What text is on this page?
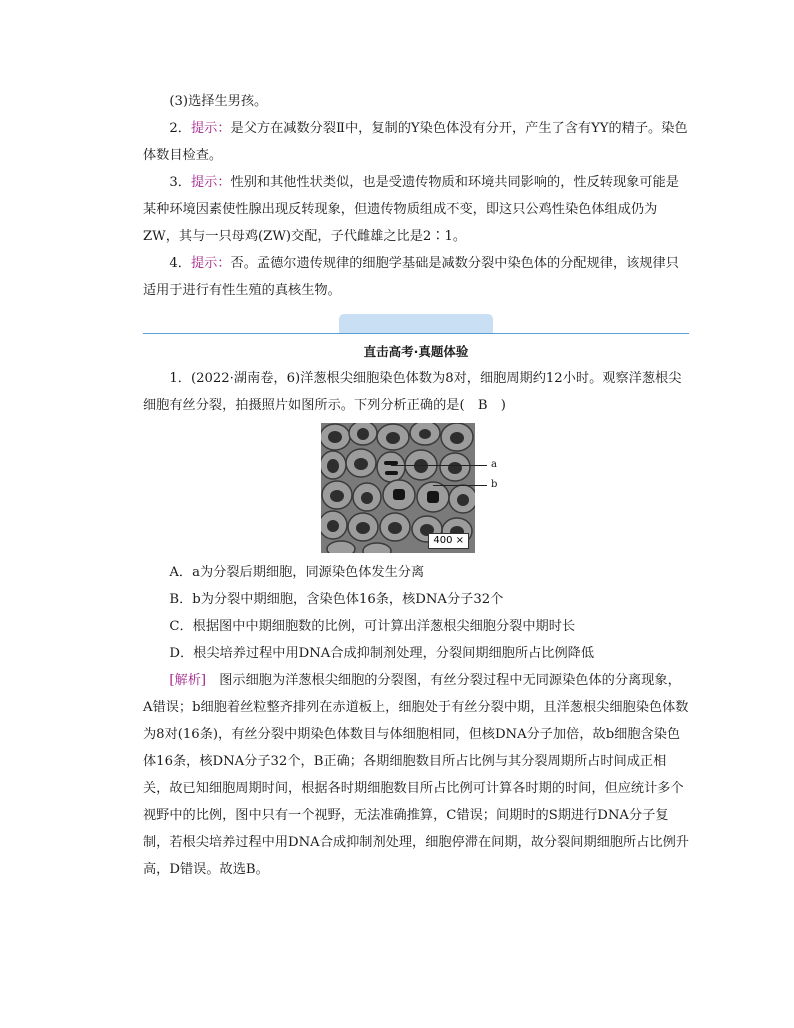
(3)选择生男孩。

2．提示：是父方在减数分裂Ⅱ中，复制的Y染色体没有分开，产生了含有YY的精子。染色体数目检查。

3．提示：性别和其他性状类似，也是受遗传物质和环境共同影响的，性反转现象可能是某种环境因素使性腺出现反转现象，但遗传物质组成不变，即这只公鸡性染色体组成仍为ZW，其与一只母鸡(ZW)交配，子代雌雄之比是2∶1。

4．提示：否。孟德尔遗传规律的细胞学基础是减数分裂中染色体的分配规律，该规律只适用于进行有性生殖的真核生物。

直击高考·真题体验

1．(2022·湖南卷，6)洋葱根尖细胞染色体数为8对，细胞周期约12小时。观察洋葱根尖细胞有丝分裂，拍摄照片如图所示。下列分析正确的是(　B　)

400 ×
a
b

A．a为分裂后期细胞，同源染色体发生分离

B．b为分裂中期细胞，含染色体16条，核DNA分子32个

C．根据图中中期细胞数的比例，可计算出洋葱根尖细胞分裂中期时长

D．根尖培养过程中用DNA合成抑制剂处理，分裂间期细胞所占比例降低

[解析]　图示细胞为洋葱根尖细胞的分裂图，有丝分裂过程中无同源染色体的分离现象，A错误；b细胞着丝粒整齐排列在赤道板上，细胞处于有丝分裂中期，且洋葱根尖细胞染色体数为8对(16条)，有丝分裂中期染色体数目与体细胞相同，但核DNA分子加倍，故b细胞含染色体16条，核DNA分子32个，B正确；各期细胞数目所占比例与其分裂周期所占时间成正相关，故已知细胞周期时间，根据各时期细胞数目所占比例可计算各时期的时间，但应统计多个视野中的比例，图中只有一个视野，无法准确推算，C错误；间期时的S期进行DNA分子复制，若根尖培养过程中用DNA合成抑制剂处理，细胞停滞在间期，故分裂间期细胞所占比例升高，D错误。故选B。
